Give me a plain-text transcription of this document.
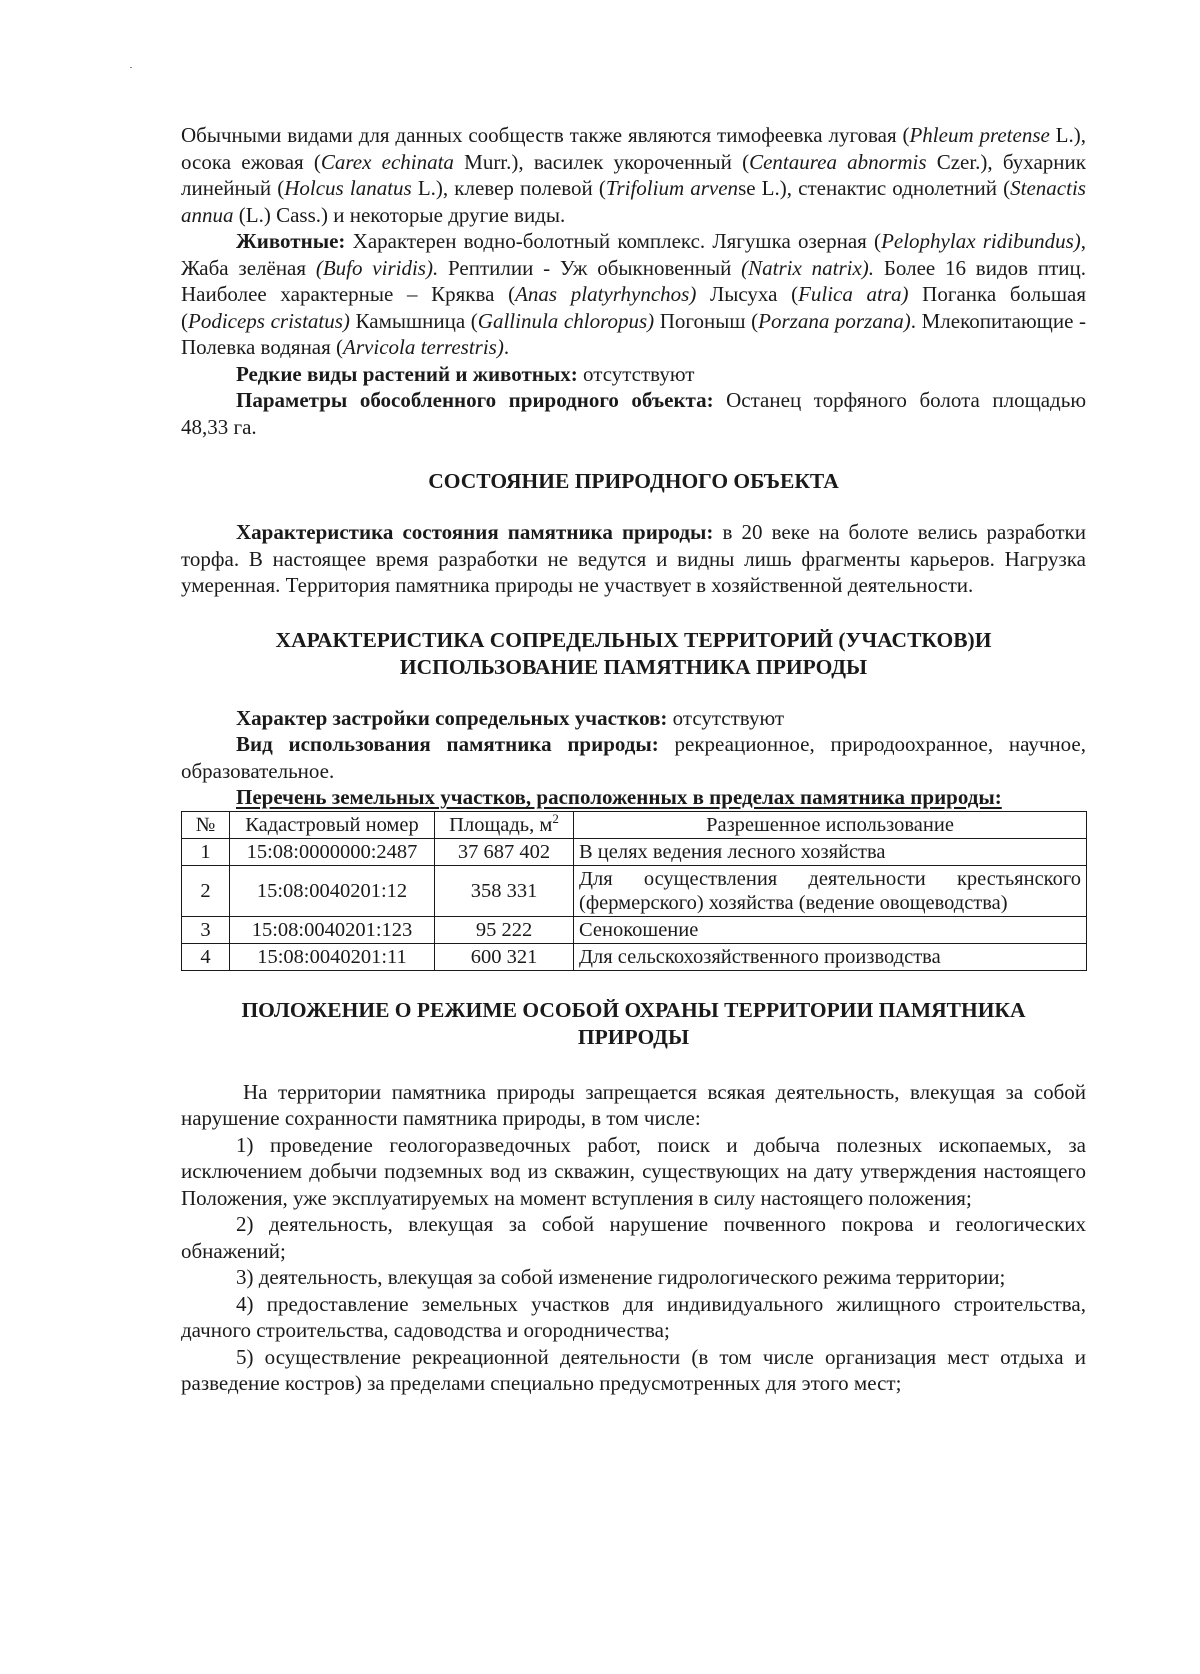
Обычными видами для данных сообществ также являются тимофеевка луговая (Phleum pretense L.), осока ежовая (Carex echinata Murr.), василек укороченный (Centaurea abnormis Czer.), бухарник линейный (Holcus lanatus L.), клевер полевой (Trifolium arvense L.), стенактис однолетний (Stenactis annua (L.) Cass.) и некоторые другие виды.

Животные: Характерен водно-болотный комплекс. Лягушка озерная (Pelophylax ridibundus), Жаба зелёная (Bufo viridis). Рептилии - Уж обыкновенный (Natrix natrix). Более 16 видов птиц. Наиболее характерные – Кряква (Anas platyrhynchos) Лысуха (Fulica atra) Поганка большая (Podiceps cristatus) Камышница (Gallinula chloropus) Погоныш (Porzana porzana). Млекопитающие - Полевка водяная (Arvicola terrestris).

Редкие виды растений и животных: отсутствуют

Параметры обособленного природного объекта: Останец торфяного болота площадью 48,33 га.

СОСТОЯНИЕ ПРИРОДНОГО ОБЪЕКТА

Характеристика состояния памятника природы: в 20 веке на болоте велись разработки торфа. В настоящее время разработки не ведутся и видны лишь фрагменты карьеров. Нагрузка умеренная. Территория памятника природы не участвует в хозяйственной деятельности.

ХАРАКТЕРИСТИКА СОПРЕДЕЛЬНЫХ ТЕРРИТОРИЙ (УЧАСТКОВ)И
ИСПОЛЬЗОВАНИЕ ПАМЯТНИКА ПРИРОДЫ

Характер застройки сопредельных участков: отсутствуют

Вид использования памятника природы: рекреационное, природоохранное, научное, образовательное.

Перечень земельных участков, расположенных в пределах памятника природы:

№	Кадастровый номер	Площадь, $м^2$	Разрешенное использование
1	15:08:0000000:2487	37 687 402	В целях ведения лесного хозяйства
2	15:08:0040201:12	358 331	Для осуществления деятельности крестьянского (фермерского) хозяйства (ведение овощеводства)
3	15:08:0040201:123	95 222	Сенокошение
4	15:08:0040201:11	600 321	Для сельскохозяйственного производства
ПОЛОЖЕНИЕ О РЕЖИМЕ ОСОБОЙ ОХРАНЫ ТЕРРИТОРИИ ПАМЯТНИКА
ПРИРОДЫ

На территории памятника природы запрещается всякая деятельность, влекущая за собой нарушение сохранности памятника природы, в том числе:

1) проведение геологоразведочных работ, поиск и добыча полезных ископаемых, за исключением добычи подземных вод из скважин, существующих на дату утверждения настоящего Положения, уже эксплуатируемых на момент вступления в силу настоящего положения;

2) деятельность, влекущая за собой нарушение почвенного покрова и геологических обнажений;

3) деятельность, влекущая за собой изменение гидрологического режима территории;

4) предоставление земельных участков для индивидуального жилищного строительства, дачного строительства, садоводства и огородничества;

5) осуществление рекреационной деятельности (в том числе организация мест отдыха и разведение костров) за пределами специально предусмотренных для этого мест;
